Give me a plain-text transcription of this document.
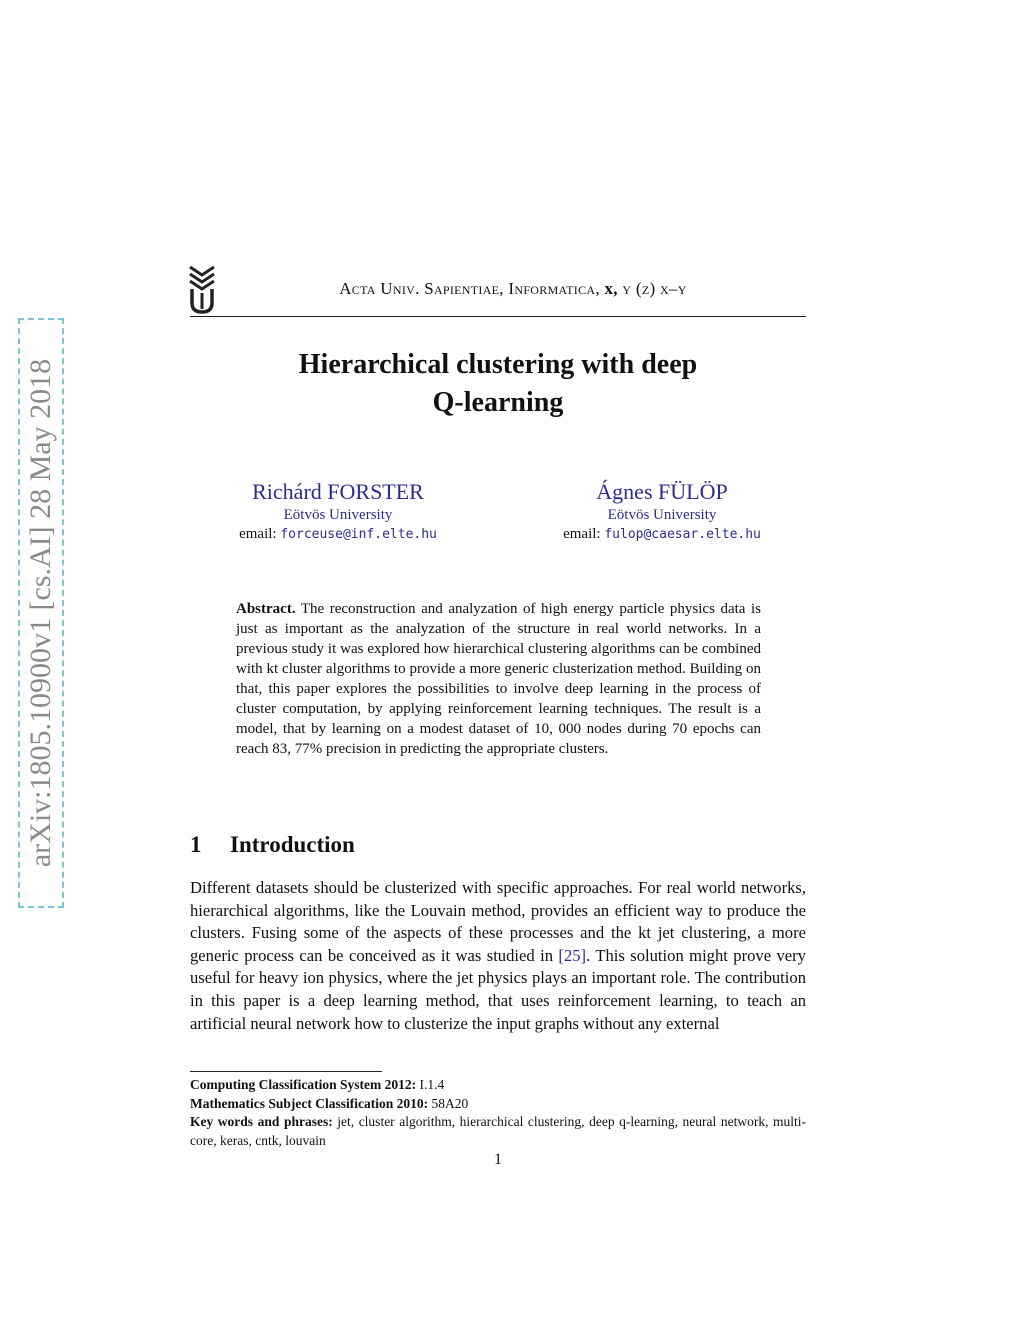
arXiv:1805.10900v1 [cs.AI] 28 May 2018
Acta Univ. Sapientiae, Informatica, x, y (z) x–y
Hierarchical clustering with deep
Q-learning
Richárd FORSTER
Eötvös University
email: forceuse@inf.elte.hu
Ágnes FÜLÖP
Eötvös University
email: fulop@caesar.elte.hu
Abstract. The reconstruction and analyzation of high energy particle physics data is just as important as the analyzation of the structure in real world networks. In a previous study it was explored how hierarchical clustering algorithms can be combined with kt cluster algorithms to provide a more generic clusterization method. Building on that, this paper explores the possibilities to involve deep learning in the process of cluster computation, by applying reinforcement learning techniques. The result is a model, that by learning on a modest dataset of 10, 000 nodes during 70 epochs can reach 83, 77% precision in predicting the appropriate clusters.
1 Introduction
Different datasets should be clusterized with specific approaches. For real world networks, hierarchical algorithms, like the Louvain method, provides an efficient way to produce the clusters. Fusing some of the aspects of these processes and the kt jet clustering, a more generic process can be conceived as it was studied in [25]. This solution might prove very useful for heavy ion physics, where the jet physics plays an important role. The contribution in this paper is a deep learning method, that uses reinforcement learning, to teach an artificial neural network how to clusterize the input graphs without any external
Computing Classification System 2012: I.1.4
Mathematics Subject Classification 2010: 58A20
Key words and phrases: jet, cluster algorithm, hierarchical clustering, deep q-learning, neural network, multi-core, keras, cntk, louvain
1
